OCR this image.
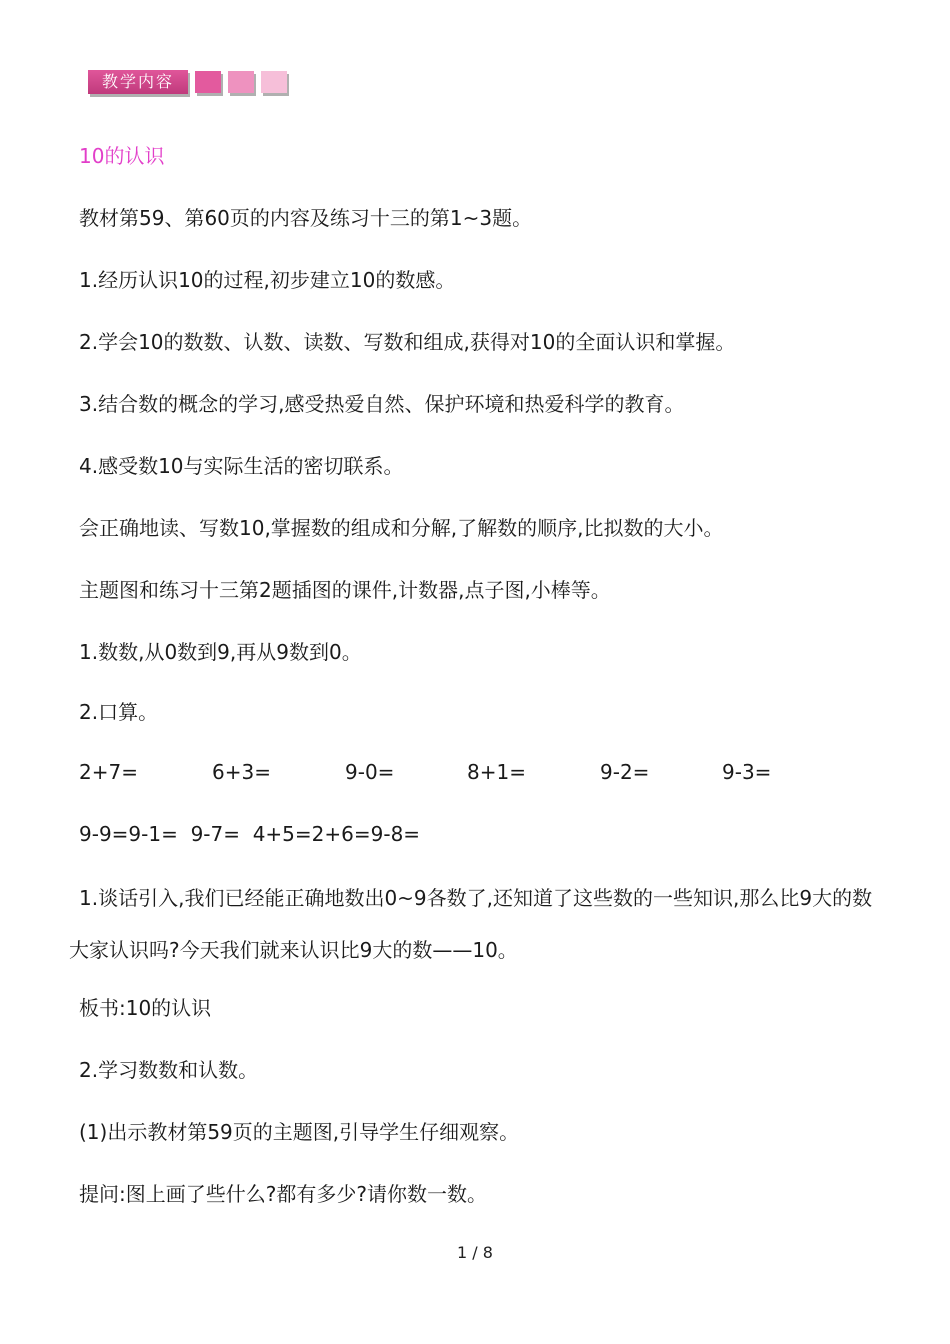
教学内容
10的认识
教材第59、第60页的内容及练习十三的第1~3题。
1.经历认识10的过程,初步建立10的数感。
2.学会10的数数、认数、读数、写数和组成,获得对10的全面认识和掌握。
3.结合数的概念的学习,感受热爱自然、保护环境和热爱科学的教育。
4.感受数10与实际生活的密切联系。
会正确地读、写数10,掌握数的组成和分解,了解数的顺序,比拟数的大小。
主题图和练习十三第2题插图的课件,计数器,点子图,小棒等。
1.数数,从0数到9,再从9数到0。
2.口算。
2+7=	6+3=	9-0=	8+1=	9-2=	9-3=
9-9=9-1=  9-7=  4+5=2+6=9-8=
1.谈话引入,我们已经能正确地数出0~9各数了,还知道了这些数的一些知识,那么比9大的数大家认识吗?今天我们就来认识比9大的数——10。
板书:10的认识
2.学习数数和认数。
(1)出示教材第59页的主题图,引导学生仔细观察。
提问:图上画了些什么?都有多少?请你数一数。
1 / 8
